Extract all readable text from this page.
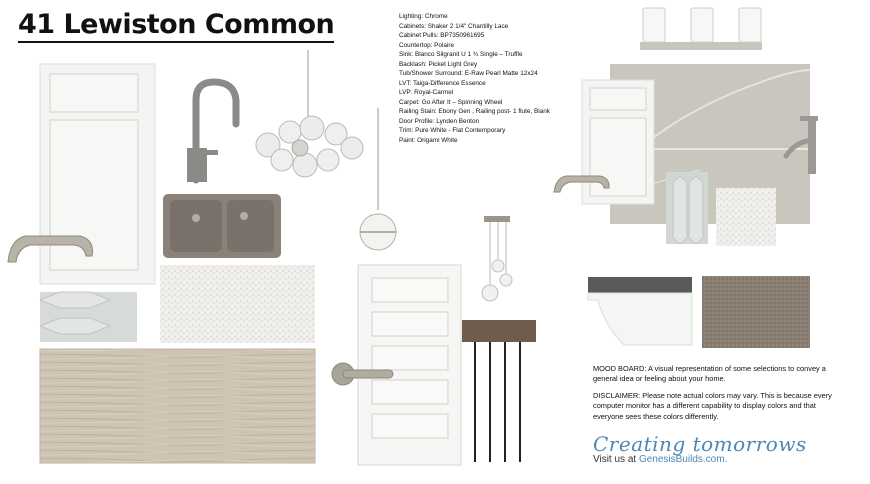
41 Lewiston Common	Lighting: Chrome
Cabinets: Shaker 2 1/4" Chantilly Lace
Cabinet Pulls: BP7350961695
Countertop: Polaire
Sink: Blanco Silgranit U 1 ¾ Single – Truffle
Backlash: Picket Light Grey
Tub/Shower Surround: E-Raw Pearl Matte 12x24
LVT: Taiga-Difference Essence
LVP: Royal-Carmel
Carpet: Go After It – Spinning Wheel
Railing Stain: Ebony Gen , Railing post- 1 flute, Blank
Door Profile: Lynden Benton
Trim: Pure White - Flat Contemporary
Paint: Origami White

MOOD BOARD: A visual representation of some selections to convey a general idea or feeling about your home.

DISCLAIMER: Please note actual colors may vary. This is because every computer monitor has a different capability to display colors and that everyone sees these colors differently.

Creating tomorrows
Visit us at GenesisBuilds.com.
